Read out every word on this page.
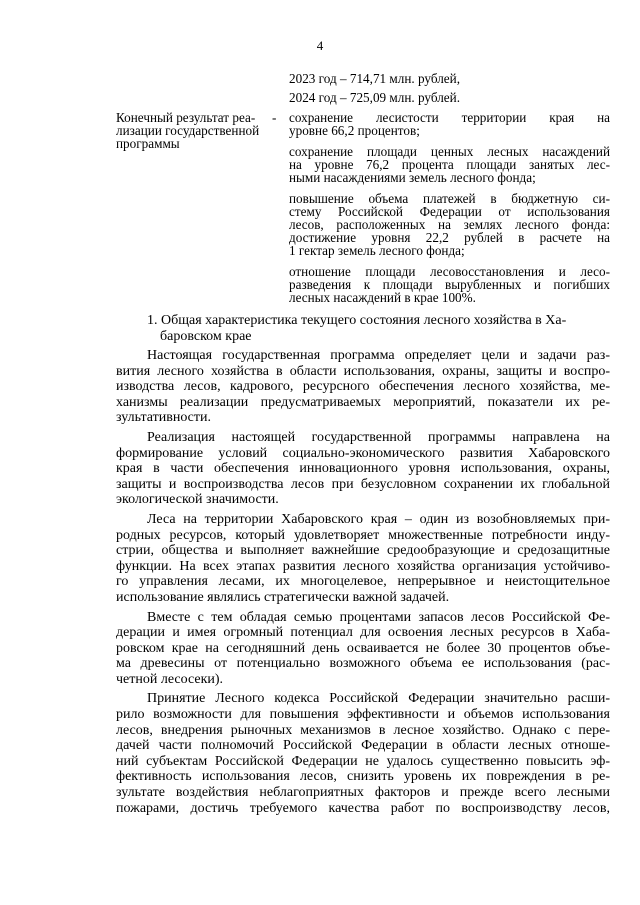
4
2023 год – 714,71 млн. рублей,
2024 год – 725,09 млн. рублей.
Конечный результат реа-
лизации государственной
программы
- сохранение лесистости территории края на
уровне 66,2 процентов;
сохранение площади ценных лесных насаждений
на уровне 76,2 процента площади занятых лес-
ными насаждениями земель лесного фонда;
повышение объема платежей в бюджетную си-
стему Российской Федерации от использования
лесов, расположенных на землях лесного фонда:
достижение уровня 22,2 рублей в расчете на
1 гектар земель лесного фонда;
отношение площади лесовосстановления и лесо-
разведения к площади вырубленных и погибших
лесных насаждений в крае 100%.
1. Общая характеристика текущего состояния лесного хозяйства в Ха-
баровском крае
Настоящая государственная программа определяет цели и задачи раз-
вития лесного хозяйства в области использования, охраны, защиты и воспро-
изводства лесов, кадрового, ресурсного обеспечения лесного хозяйства, ме-
ханизмы реализации предусматриваемых мероприятий, показатели их ре-
зультативности.
Реализация настоящей государственной программы направлена на
формирование условий социально-экономического развития Хабаровского
края в части обеспечения инновационного уровня использования, охраны,
защиты и воспроизводства лесов при безусловном сохранении их глобальной
экологической значимости.
Леса на территории Хабаровского края – один из возобновляемых при-
родных ресурсов, который удовлетворяет множественные потребности инду-
стрии, общества и выполняет важнейшие средообразующие и средозащитные
функции. На всех этапах развития лесного хозяйства организация устойчиво-
го управления лесами, их многоцелевое, непрерывное и неистощительное
использование являлись стратегически важной задачей.
Вместе с тем обладая семью процентами запасов лесов Российской Фе-
дерации и имея огромный потенциал для освоения лесных ресурсов в Хаба-
ровском крае на сегодняшний день осваивается не более 30 процентов объе-
ма древесины от потенциально возможного объема ее использования (рас-
четной лесосеки).
Принятие Лесного кодекса Российской Федерации значительно расши-
рило возможности для повышения эффективности и объемов использования
лесов, внедрения рыночных механизмов в лесное хозяйство. Однако с пере-
дачей части полномочий Российской Федерации в области лесных отноше-
ний субъектам Российской Федерации не удалось существенно повысить эф-
фективность использования лесов, снизить уровень их повреждения в ре-
зультате воздействия неблагоприятных факторов и прежде всего лесными
пожарами, достичь требуемого качества работ по воспроизводству лесов,
